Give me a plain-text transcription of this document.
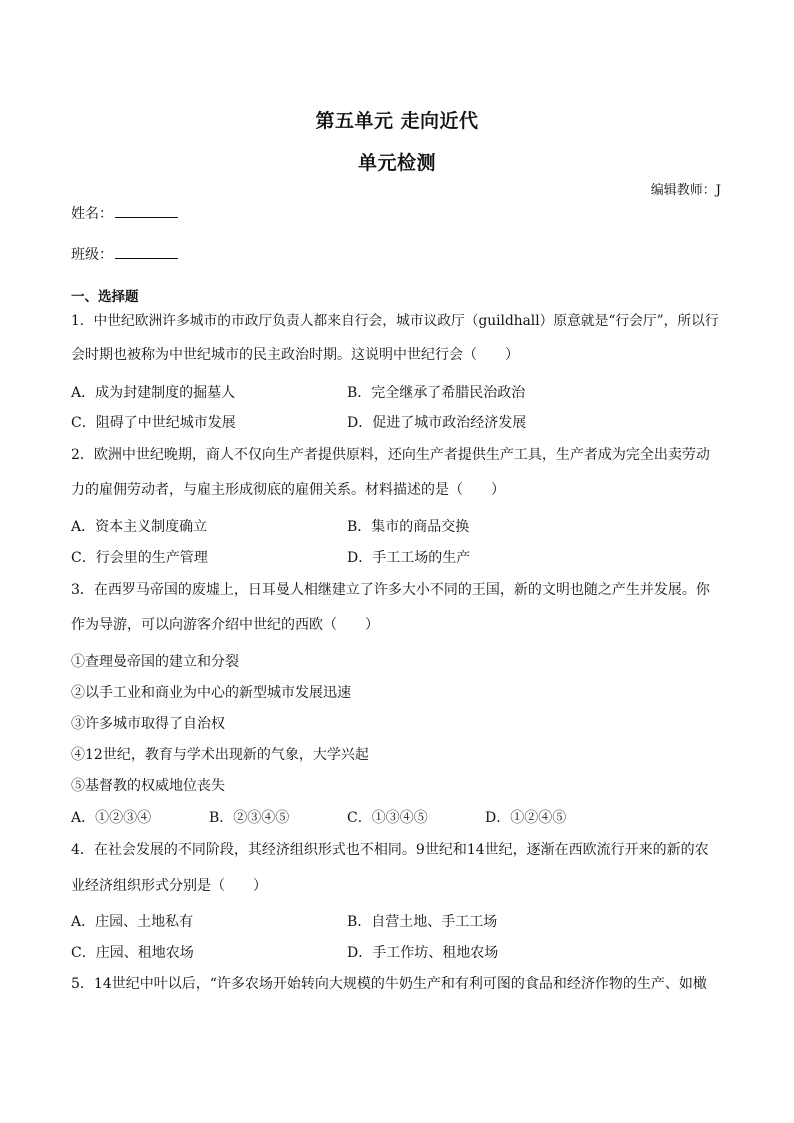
第五单元 走向近代
单元检测
编辑教师：J
姓名：
班级：
一、选择题
1．中世纪欧洲许多城市的市政厅负责人都来自行会，城市议政厅（guildhall）原意就是“行会厅”，所以行
会时期也被称为中世纪城市的民主政治时期。这说明中世纪行会（　　）
A．成为封建制度的掘墓人	B．完全继承了希腊民治政治
C．阻碍了中世纪城市发展	D．促进了城市政治经济发展
2．欧洲中世纪晚期，商人不仅向生产者提供原料，还向生产者提供生产工具，生产者成为完全出卖劳动
力的雇佣劳动者，与雇主形成彻底的雇佣关系。材料描述的是（　　）
A．资本主义制度确立	B．集市的商品交换
C．行会里的生产管理	D．手工工场的生产
3．在西罗马帝国的废墟上，日耳曼人相继建立了许多大小不同的王国，新的文明也随之产生并发展。你
作为导游，可以向游客介绍中世纪的西欧（　　）
①查理曼帝国的建立和分裂
②以手工业和商业为中心的新型城市发展迅速
③许多城市取得了自治权
④12世纪，教育与学术出现新的气象，大学兴起
⑤基督教的权威地位丧失
A．①②③④	B．②③④⑤	C．①③④⑤	D．①②④⑤
4．在社会发展的不同阶段，其经济组织形式也不相同。9世纪和14世纪，逐渐在西欧流行开来的新的农
业经济组织形式分别是（　　）
A．庄园、土地私有	B．自营土地、手工工场
C．庄园、租地农场	D．手工作坊、租地农场
5．14世纪中叶以后，“许多农场开始转向大规模的牛奶生产和有利可图的食品和经济作物的生产、如橄
